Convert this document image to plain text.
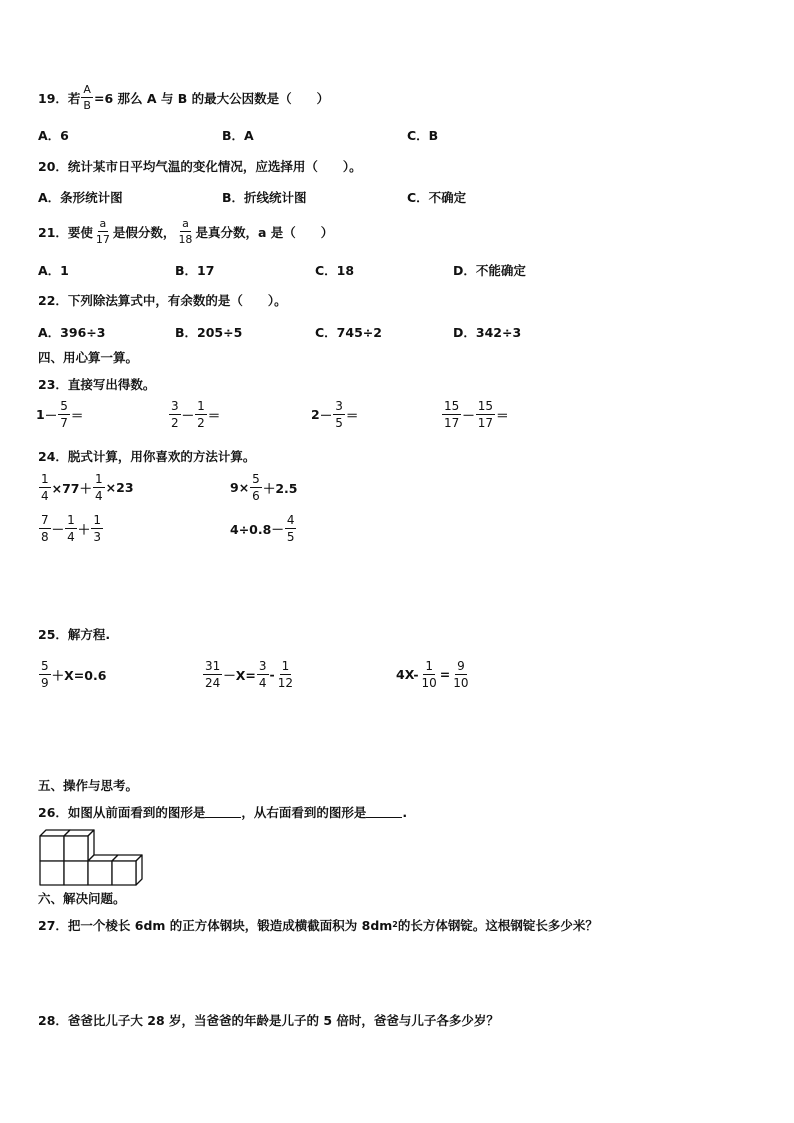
19． 若 $\frac{A}{B} =6$ 那么 A 与 B 的最大公因数是（　　）
A．6	B．A	C．B
20．统计某市日平均气温的变化情况，应选择用（　　）。
A．条形统计图	B．折线统计图	C．不确定
21． 要使 $\frac{a}{17}$ 是假分数， $\frac{a}{18}$ 是真分数，a 是（　　）
A．1	B．17	C．18	D．不能确定
22．下列除法算式中，有余数的是（　　）。
A．396÷3	B．205÷5	C．745÷2	D．342÷3
四、用心算一算。
23．直接写出得数。
$1 - \frac{5}{7}$ ＝	$\frac{3}{2} - \frac{1}{2}$ ＝	$2 - \frac{3}{5}$ ＝	$\frac{15}{17} - \frac{15}{17}$ ＝
24．脱式计算，用你喜欢的方法计算。
$\frac{1}{4} \times 77+ \frac{1}{4} \times 23$	$9\times \frac{5}{6} +2.5$
$\frac{7}{8} - \frac{1}{4} + \frac{1}{3}$	$4\div 0.8- \frac{4}{5}$
25．解方程.
$\frac{5}{9} +X=0.6$	$\frac{31}{24} -X= \frac{3}{4} - \frac{1}{12}$	$4X- \frac{1}{10} = \frac{9}{10}$
五、操作与思考。
26．如图从前面看到的图形是	，从右面看到的图形是	.
六、解决问题。
27．把一个棱长 6dm 的正方体钢块，锻造成横截面积为 8dm 2 的长方体钢锭。这根钢锭长多少米？
28．爸爸比儿子大 28 岁，当爸爸的年龄是儿子的 5 倍时，爸爸与儿子各多少岁？
